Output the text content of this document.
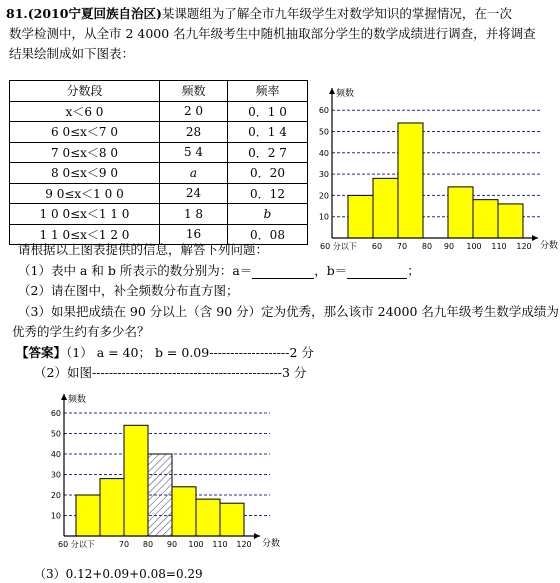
81.(2010宁夏回族自治区)某课题组为了解全市九年级学生对数学知识的掌握情况，在一次
数学检测中，从全市 2 4000 名九年级考生中随机抽取部分学生的数学成绩进行调查，并将调查
结果绘制成如下图表：
分数段	频数	频率
x＜6 0	2 0	0．1 0
6 0≤x＜7 0	28	0．1 4
7 0≤x＜8 0	5 4	0．2 7
8 0≤x＜9 0	a	0．20
9 0≤x＜1 0 0	24	0．12
1 0 0≤x＜1 1 0	1 8	b
1 1 0≤x＜1 2 0	16	0．08
10
20
30
40
50
60
频数
分数
60 分以下 60 70 80 90 100 110 120
请根据以上图表提供的信息，解答下列问题：
（1）表中 a 和 b 所表示的数分别为：a＝	，b＝	；
（2）请在图中，补全频数分布直方图；
（3）如果把成绩在 90 分以上（含 90 分）定为优秀，那么该市 24000 名九年级考生数学成绩为
优秀的学生约有多少名？
【答案】（1） a = 40； b = 0.09-------------------2 分
（2）如图---------------------------------------------3 分
10
20
30
40
50
60
频数
分数
60 分以下	70 80 90 100 110 120
（3）0.12+0.09+0.08=0.29
